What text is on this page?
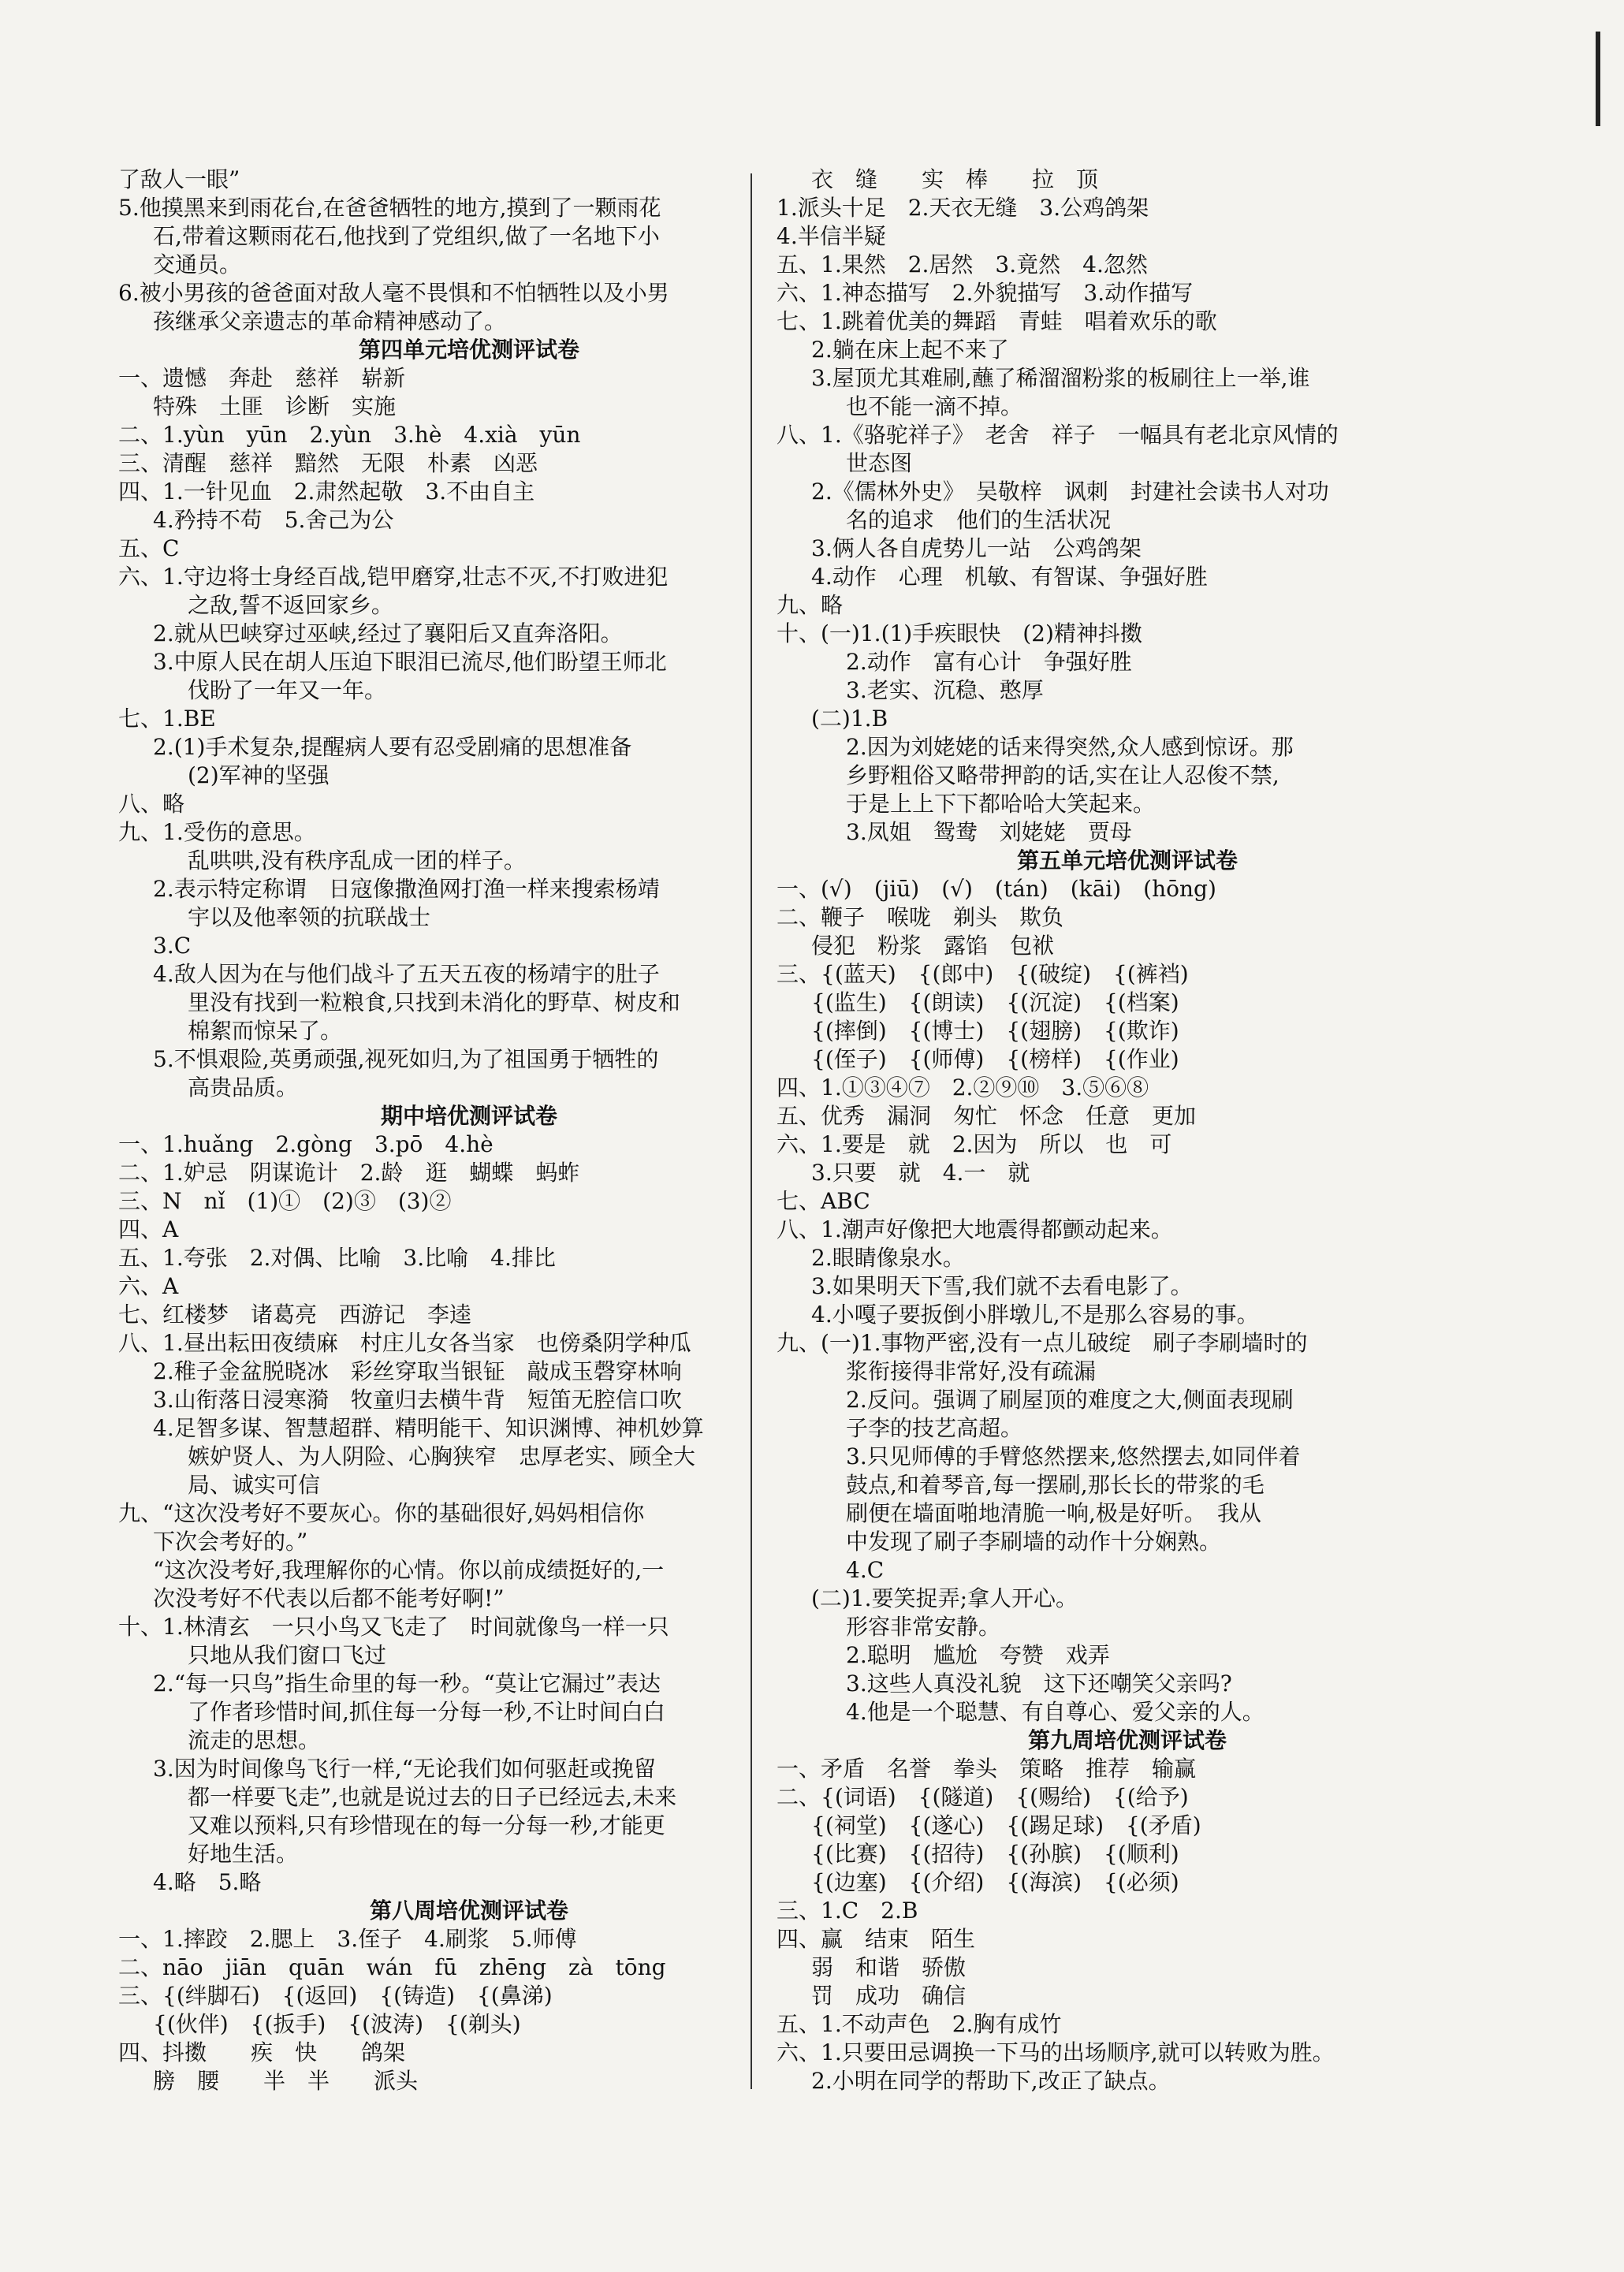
了敌人一眼”
5.他摸黑来到雨花台,在爸爸牺牲的地方,摸到了一颗雨花
石,带着这颗雨花石,他找到了党组织,做了一名地下小
交通员。
6.被小男孩的爸爸面对敌人毫不畏惧和不怕牺牲以及小男
孩继承父亲遗志的革命精神感动了。
第四单元培优测评试卷
一、遗憾　奔赴　慈祥　崭新
特殊　土匪　诊断　实施
二、1.yùn　yūn　2.yùn　3.hè　4.xià　yūn
三、清醒　慈祥　黯然　无限　朴素　凶恶
四、1.一针见血　2.肃然起敬　3.不由自主
4.矜持不苟　5.舍己为公
五、C
六、1.守边将士身经百战,铠甲磨穿,壮志不灭,不打败进犯
之敌,誓不返回家乡。
2.就从巴峡穿过巫峡,经过了襄阳后又直奔洛阳。
3.中原人民在胡人压迫下眼泪已流尽,他们盼望王师北
伐盼了一年又一年。
七、1.BE
2.(1)手术复杂,提醒病人要有忍受剧痛的思想准备
(2)军神的坚强
八、略
九、1.受伤的意思。
乱哄哄,没有秩序乱成一团的样子。
2.表示特定称谓　日寇像撒渔网打渔一样来搜索杨靖
宇以及他率领的抗联战士
3.C
4.敌人因为在与他们战斗了五天五夜的杨靖宇的肚子
里没有找到一粒粮食,只找到未消化的野草、树皮和
棉絮而惊呆了。
5.不惧艰险,英勇顽强,视死如归,为了祖国勇于牺牲的
高贵品质。
期中培优测评试卷
一、1.huǎng　2.gòng　3.pō　4.hè
二、1.妒忌　阴谋诡计　2.龄　逛　蝴蝶　蚂蚱
三、N　nǐ　(1)①　(2)③　(3)②
四、A
五、1.夸张　2.对偶、比喻　3.比喻　4.排比
六、A
七、红楼梦　诸葛亮　西游记　李逵
八、1.昼出耘田夜绩麻　村庄儿女各当家　也傍桑阴学种瓜
2.稚子金盆脱晓冰　彩丝穿取当银钲　敲成玉磬穿林响
3.山衔落日浸寒漪　牧童归去横牛背　短笛无腔信口吹
4.足智多谋、智慧超群、精明能干、知识渊博、神机妙算
嫉妒贤人、为人阴险、心胸狭窄　忠厚老实、顾全大
局、诚实可信
九、“这次没考好不要灰心。你的基础很好,妈妈相信你
下次会考好的。”
“这次没考好,我理解你的心情。你以前成绩挺好的,一
次没考好不代表以后都不能考好啊!”
十、1.林清玄　一只小鸟又飞走了　时间就像鸟一样一只
只地从我们窗口飞过
2.“每一只鸟”指生命里的每一秒。“莫让它漏过”表达
了作者珍惜时间,抓住每一分每一秒,不让时间白白
流走的思想。
3.因为时间像鸟飞行一样,“无论我们如何驱赶或挽留
都一样要飞走”,也就是说过去的日子已经远去,未来
又难以预料,只有珍惜现在的每一分每一秒,才能更
好地生活。
4.略　5.略
第八周培优测评试卷
一、1.摔跤　2.腮上　3.侄子　4.刷浆　5.师傅
二、nāo　jiān　quān　wán　fū　zhēng　zà　tōng
三、{(绊脚石)　{(返回)　{(铸造)　{(鼻涕)
{(伙伴)　{(扳手)　{(波涛)　{(剃头)
四、抖擞　　疾　快　　鸽架
膀　腰　　半　半　　派头
衣　缝　　实　棒　　拉　顶
1.派头十足　2.天衣无缝　3.公鸡鸽架
4.半信半疑
五、1.果然　2.居然　3.竟然　4.忽然
六、1.神态描写　2.外貌描写　3.动作描写
七、1.跳着优美的舞蹈　青蛙　唱着欢乐的歌
2.躺在床上起不来了
3.屋顶尤其难刷,蘸了稀溜溜粉浆的板刷往上一举,谁
也不能一滴不掉。
八、1.《骆驼祥子》　老舍　祥子　一幅具有老北京风情的
世态图
2.《儒林外史》　吴敬梓　讽刺　封建社会读书人对功
名的追求　他们的生活状况
3.俩人各自虎势儿一站　公鸡鸽架
4.动作　心理　机敏、有智谋、争强好胜
九、略
十、(一)1.(1)手疾眼快　(2)精神抖擞
2.动作　富有心计　争强好胜
3.老实、沉稳、憨厚
(二)1.B
2.因为刘姥姥的话来得突然,众人感到惊讶。那
乡野粗俗又略带押韵的话,实在让人忍俊不禁,
于是上上下下都哈哈大笑起来。
3.凤姐　鸳鸯　刘姥姥　贾母
第五单元培优测评试卷
一、(√)　(jiū)　(√)　(tán)　(kāi)　(hōng)
二、鞭子　喉咙　剃头　欺负
侵犯　粉浆　露馅　包袱
三、{(蓝天)　{(郎中)　{(破绽)　{(裤裆)
{(监生)　{(朗读)　{(沉淀)　{(档案)
{(摔倒)　{(博士)　{(翅膀)　{(欺诈)
{(侄子)　{(师傅)　{(榜样)　{(作业)
四、1.①③④⑦　2.②⑨⑩　3.⑤⑥⑧
五、优秀　漏洞　匆忙　怀念　任意　更加
六、1.要是　就　2.因为　所以　也　可
3.只要　就　4.一　就
七、ABC
八、1.潮声好像把大地震得都颤动起来。
2.眼睛像泉水。
3.如果明天下雪,我们就不去看电影了。
4.小嘎子要扳倒小胖墩儿,不是那么容易的事。
九、(一)1.事物严密,没有一点儿破绽　刷子李刷墙时的
浆衔接得非常好,没有疏漏
2.反问。强调了刷屋顶的难度之大,侧面表现刷
子李的技艺高超。
3.只见师傅的手臂悠然摆来,悠然摆去,如同伴着
鼓点,和着琴音,每一摆刷,那长长的带浆的毛
刷便在墙面啪地清脆一响,极是好听。　我从
中发现了刷子李刷墙的动作十分娴熟。
4.C
(二)1.要笑捉弄;拿人开心。
形容非常安静。
2.聪明　尴尬　夸赞　戏弄
3.这些人真没礼貌　这下还嘲笑父亲吗?
4.他是一个聪慧、有自尊心、爱父亲的人。
第九周培优测评试卷
一、矛盾　名誉　拳头　策略　推荐　输赢
二、{(词语)　{(隧道)　{(赐给)　{(给予)
{(祠堂)　{(遂心)　{(踢足球)　{(矛盾)
{(比赛)　{(招待)　{(孙膑)　{(顺利)
{(边塞)　{(介绍)　{(海滨)　{(必须)
三、1.C　2.B
四、赢　结束　陌生
弱　和谐　骄傲
罚　成功　确信
五、1.不动声色　2.胸有成竹
六、1.只要田忌调换一下马的出场顺序,就可以转败为胜。
2.小明在同学的帮助下,改正了缺点。
